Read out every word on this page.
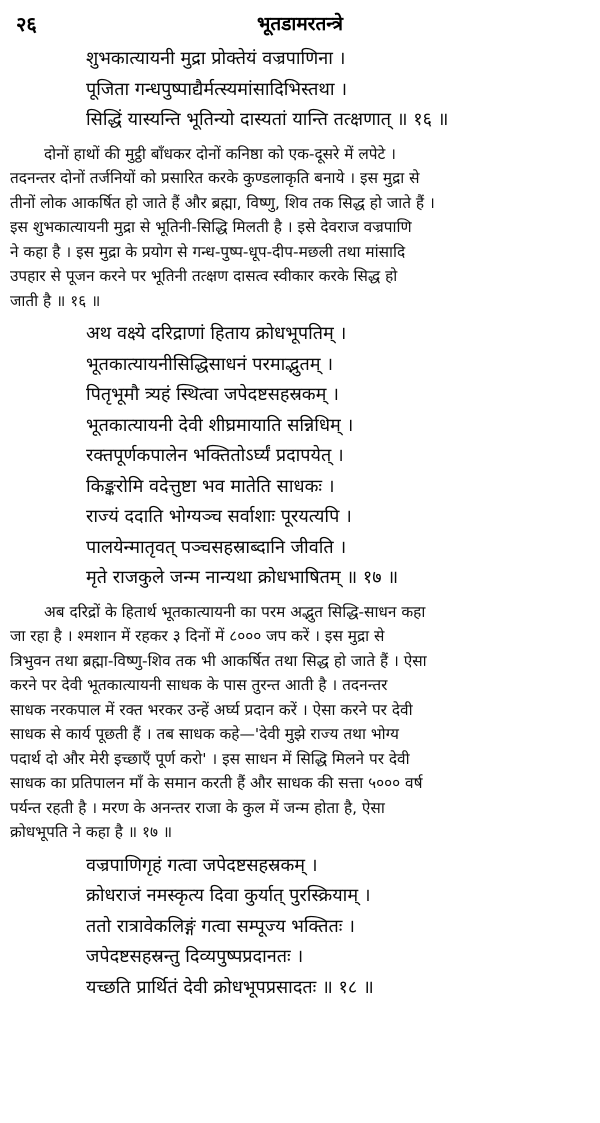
२६	भूतडामरतन्त्रे
शुभकात्यायनी मुद्रा प्रोक्तेयं वज्रपाणिना ।
पूजिता गन्धपुष्पाद्यैर्मत्स्यमांसादिभिस्तथा ।
सिद्धिं यास्यन्ति भूतिन्यो दास्यतां यान्ति तत्क्षणात् ॥ १६ ॥
दोनों हाथों की मुट्ठी बाँधकर दोनों कनिष्ठा को एक-दूसरे में लपेटे ।
तदनन्तर दोनों तर्जनियों को प्रसारित करके कुण्डलाकृति बनाये । इस मुद्रा से
तीनों लोक आकर्षित हो जाते हैं और ब्रह्मा, विष्णु, शिव तक सिद्ध हो जाते हैं ।
इस शुभकात्यायनी मुद्रा से भूतिनी-सिद्धि मिलती है । इसे देवराज वज्रपाणि
ने कहा है । इस मुद्रा के प्रयोग से गन्ध-पुष्प-धूप-दीप-मछली तथा मांसादि
उपहार से पूजन करने पर भूतिनी तत्क्षण दासत्व स्वीकार करके सिद्ध हो
जाती है ॥ १६ ॥
अथ वक्ष्ये दरिद्राणां हिताय क्रोधभूपतिम् ।
भूतकात्यायनीसिद्धिसाधनं परमाद्भुतम् ।
पितृभूमौ त्र्यहं स्थित्वा जपेदष्टसहस्रकम् ।
भूतकात्यायनी देवी शीघ्रमायाति सन्निधिम् ।
रक्तपूर्णकपालेन भक्तितोऽर्घ्यं प्रदापयेत् ।
किङ्करोमि वदेत्तुष्टा भव मातेति साधकः ।
राज्यं ददाति भोग्यञ्च सर्वाशाः पूरयत्यपि ।
पालयेन्मातृवत् पञ्चसहस्राब्दानि जीवति ।
मृते राजकुले जन्म नान्यथा क्रोधभाषितम् ॥ १७ ॥
अब दरिद्रों के हितार्थ भूतकात्यायनी का परम अद्भुत सिद्धि-साधन कहा
जा रहा है । श्मशान में रहकर ३ दिनों में ८००० जप करें । इस मुद्रा से
त्रिभुवन तथा ब्रह्मा-विष्णु-शिव तक भी आकर्षित तथा सिद्ध हो जाते हैं । ऐसा
करने पर देवी भूतकात्यायनी साधक के पास तुरन्त आती है । तदनन्तर
साधक नरकपाल में रक्त भरकर उन्हें अर्घ्य प्रदान करें । ऐसा करने पर देवी
साधक से कार्य पूछती हैं । तब साधक कहे—'देवी मुझे राज्य तथा भोग्य
पदार्थ दो और मेरी इच्छाएँ पूर्ण करो' । इस साधन में सिद्धि मिलने पर देवी
साधक का प्रतिपालन माँ के समान करती हैं और साधक की सत्ता ५००० वर्ष
पर्यन्त रहती है । मरण के अनन्तर राजा के कुल में जन्म होता है, ऐसा
क्रोधभूपति ने कहा है ॥ १७ ॥
वज्रपाणिगृहं गत्वा जपेदष्टसहस्रकम् ।
क्रोधराजं नमस्कृत्य दिवा कुर्यात् पुरस्क्रियाम् ।
ततो रात्रावेकलिङ्गं गत्वा सम्पूज्य भक्तितः ।
जपेदष्टसहस्रन्तु दिव्यपुष्पप्रदानतः ।
यच्छति प्रार्थितं देवी क्रोधभूपप्रसादतः ॥ १८ ॥
